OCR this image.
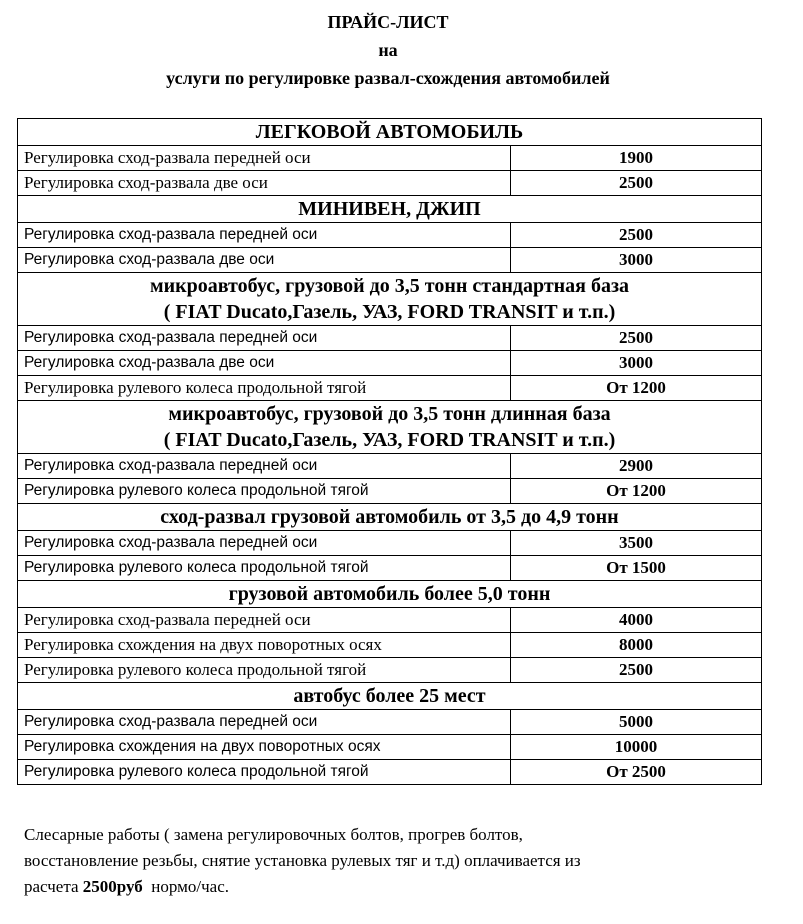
ПРАЙС-ЛИСТ
на
услуги по регулировке развал-схождения автомобилей
ЛЕГКОВОЙ АВТОМОБИЛЬ	

Регулировка сход-развала передней оси	1900
Регулировка сход-развала две оси	2500

МИНИВЕН, ДЖИП	

Регулировка сход-развала передней оси	2500
Регулировка сход-развала две оси	3000

микроавтобус, грузовой до 3,5 тонн стандартная база
( FIAT Ducato,Газель, УАЗ, FORD TRANSIT и т.п.)	

Регулировка сход-развала передней оси	2500
Регулировка сход-развала две оси	3000
Регулировка рулевого колеса продольной тягой	От 1200

микроавтобус, грузовой до 3,5 тонн длинная база
( FIAT Ducato,Газель, УАЗ, FORD TRANSIT и т.п.)	

Регулировка сход-развала передней оси	2900
Регулировка рулевого колеса продольной тягой	От 1200

сход-развал грузовой автомобиль от 3,5 до 4,9 тонн	

Регулировка сход-развала передней оси	3500
Регулировка рулевого колеса продольной тягой	От 1500

грузовой автомобиль более 5,0 тонн	

Регулировка сход-развала передней оси	4000
Регулировка схождения на двух поворотных осях	8000
Регулировка рулевого колеса продольной тягой	2500

автобус более 25 мест	

Регулировка сход-развала передней оси	5000
Регулировка схождения на двух поворотных осях	10000
Регулировка рулевого колеса продольной тягой	От 2500
Слесарные работы ( замена регулировочных болтов, прогрев болтов,
восстановление резьбы, снятие установка рулевых тяг и т.д) оплачивается из
расчета 2500руб  нормо/час.
